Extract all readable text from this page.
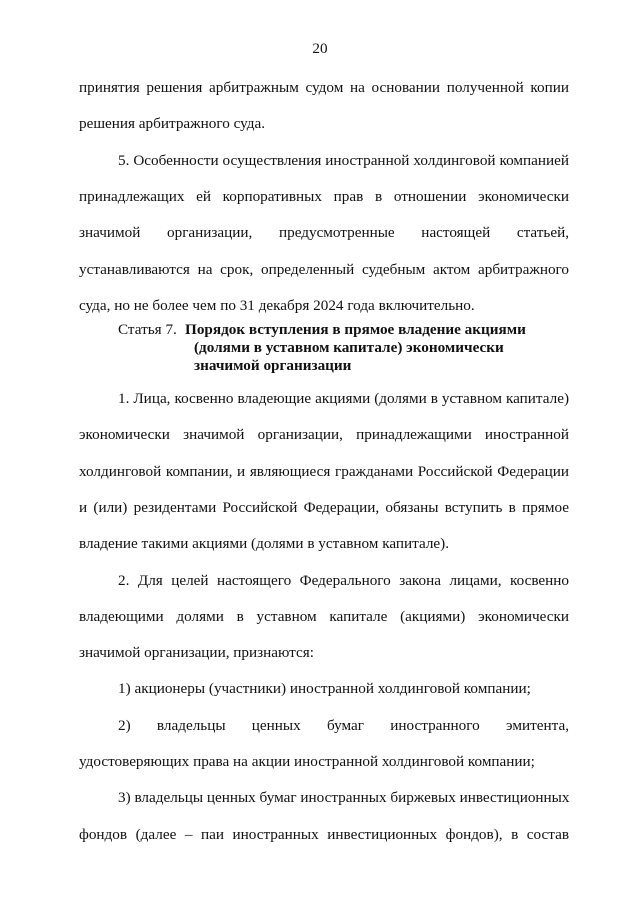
20
принятия решения арбитражным судом на основании полученной копии
решения арбитражного суда.
5. Особенности осуществления иностранной холдинговой компанией
принадлежащих ей корпоративных прав в отношении экономически
значимой организации, предусмотренные настоящей статьей,
устанавливаются на срок, определенный судебным актом арбитражного
суда, но не более чем по 31 декабря 2024 года включительно.
Статья 7. Порядок вступления в прямое владение акциями
(долями в уставном капитале) экономически
значимой организации
1. Лица, косвенно владеющие акциями (долями в уставном капитале)
экономически значимой организации, принадлежащими иностранной
холдинговой компании, и являющиеся гражданами Российской Федерации
и (или) резидентами Российской Федерации, обязаны вступить в прямое
владение такими акциями (долями в уставном капитале).
2. Для целей настоящего Федерального закона лицами, косвенно
владеющими долями в уставном капитале (акциями) экономически
значимой организации, признаются:
1) акционеры (участники) иностранной холдинговой компании;
2) владельцы ценных бумаг иностранного эмитента,
удостоверяющих права на акции иностранной холдинговой компании;
3) владельцы ценных бумаг иностранных биржевых инвестиционных
фондов (далее – паи иностранных инвестиционных фондов), в состав
